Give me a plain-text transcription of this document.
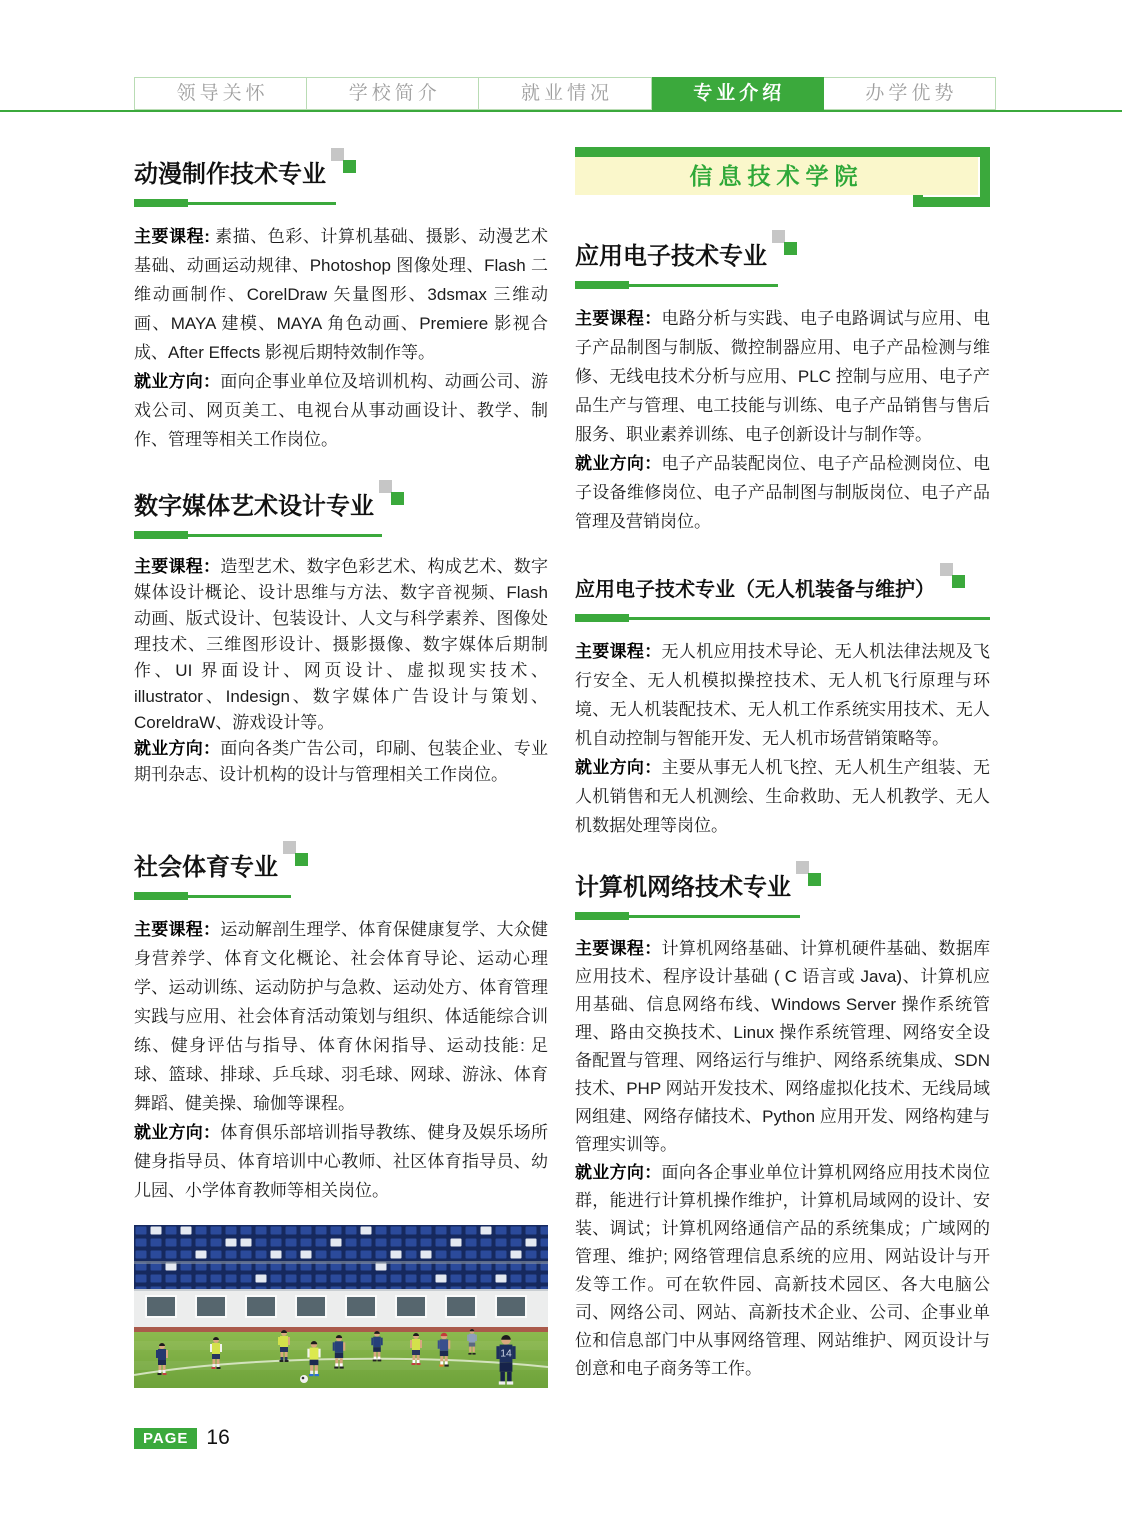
领导关怀	学校简介	就业情况	专业介绍	办学优势
动漫制作技术专业

主要课程: 素描、色彩、计算机基础、摄影、动漫艺术基础、动画运动规律、Photoshop 图像处理、Flash 二维动画制作、CorelDraw 矢量图形、3dsmax 三维动画、MAYA 建模、MAYA 角色动画、Premiere 影视合成、After Effects 影视后期特效制作等。

就业方向：面向企事业单位及培训机构、动画公司、游戏公司、网页美工、电视台从事动画设计、教学、制作、管理等相关工作岗位。

数字媒体艺术设计专业

主要课程：造型艺术、数字色彩艺术、构成艺术、数字媒体设计概论、设计思维与方法、数字音视频、Flash 动画、版式设计、包装设计、人文与科学素养、图像处理技术、三维图形设计、摄影摄像、数字媒体后期制作、UI 界面设计、网页设计、虚拟现实技术、illustrator、Indesign、数字媒体广告设计与策划、CoreldraW、游戏设计等。

就业方向：面向各类广告公司，印刷、包装企业、专业期刊杂志、设计机构的设计与管理相关工作岗位。

社会体育专业

主要课程：运动解剖生理学、体育保健康复学、大众健身营养学、体育文化概论、社会体育导论、运动心理学、运动训练、运动防护与急救、运动处方、体育管理实践与应用、社会体育活动策划与组织、体适能综合训练、健身评估与指导、体育休闲指导、运动技能: 足球、篮球、排球、乒乓球、羽毛球、网球、游泳、体育舞蹈、健美操、瑜伽等课程。

就业方向：体育俱乐部培训指导教练、健身及娱乐场所健身指导员、体育培训中心教师、社区体育指导员、幼儿园、小学体育教师等相关岗位。

14
信息技术学院
应用电子技术专业

主要课程：电路分析与实践、电子电路调试与应用、电子产品制图与制版、微控制器应用、电子产品检测与维修、无线电技术分析与应用、PLC 控制与应用、电子产品生产与管理、电工技能与训练、电子产品销售与售后服务、职业素养训练、电子创新设计与制作等。

就业方向：电子产品装配岗位、电子产品检测岗位、电子设备维修岗位、电子产品制图与制版岗位、电子产品管理及营销岗位。

应用电子技术专业（无人机装备与维护）

主要课程：无人机应用技术导论、无人机法律法规及飞行安全、无人机模拟操控技术、无人机飞行原理与环境、无人机装配技术、无人机工作系统实用技术、无人机自动控制与智能开发、无人机市场营销策略等。

就业方向：主要从事无人机飞控、无人机生产组装、无人机销售和无人机测绘、生命救助、无人机教学、无人机数据处理等岗位。

计算机网络技术专业

主要课程：计算机网络基础、计算机硬件基础、数据库应用技术、程序设计基础 ( C 语言或 Java)、计算机应用基础、信息网络布线、Windows Server 操作系统管理、路由交换技术、Linux 操作系统管理、网络安全设备配置与管理、网络运行与维护、网络系统集成、SDN 技术、PHP 网站开发技术、网络虚拟化技术、无线局域网组建、网络存储技术、Python 应用开发、网络构建与管理实训等。

就业方向：面向各企事业单位计算机网络应用技术岗位群，能进行计算机操作维护，计算机局域网的设计、安装、调试；计算机网络通信产品的系统集成；广域网的管理、维护; 网络管理信息系统的应用、网站设计与开发等工作。可在软件园、高新技术园区、各大电脑公司、网络公司、网站、高新技术企业、公司、企事业单位和信息部门中从事网络管理、网站维护、网页设计与创意和电子商务等工作。

PAGE 16
